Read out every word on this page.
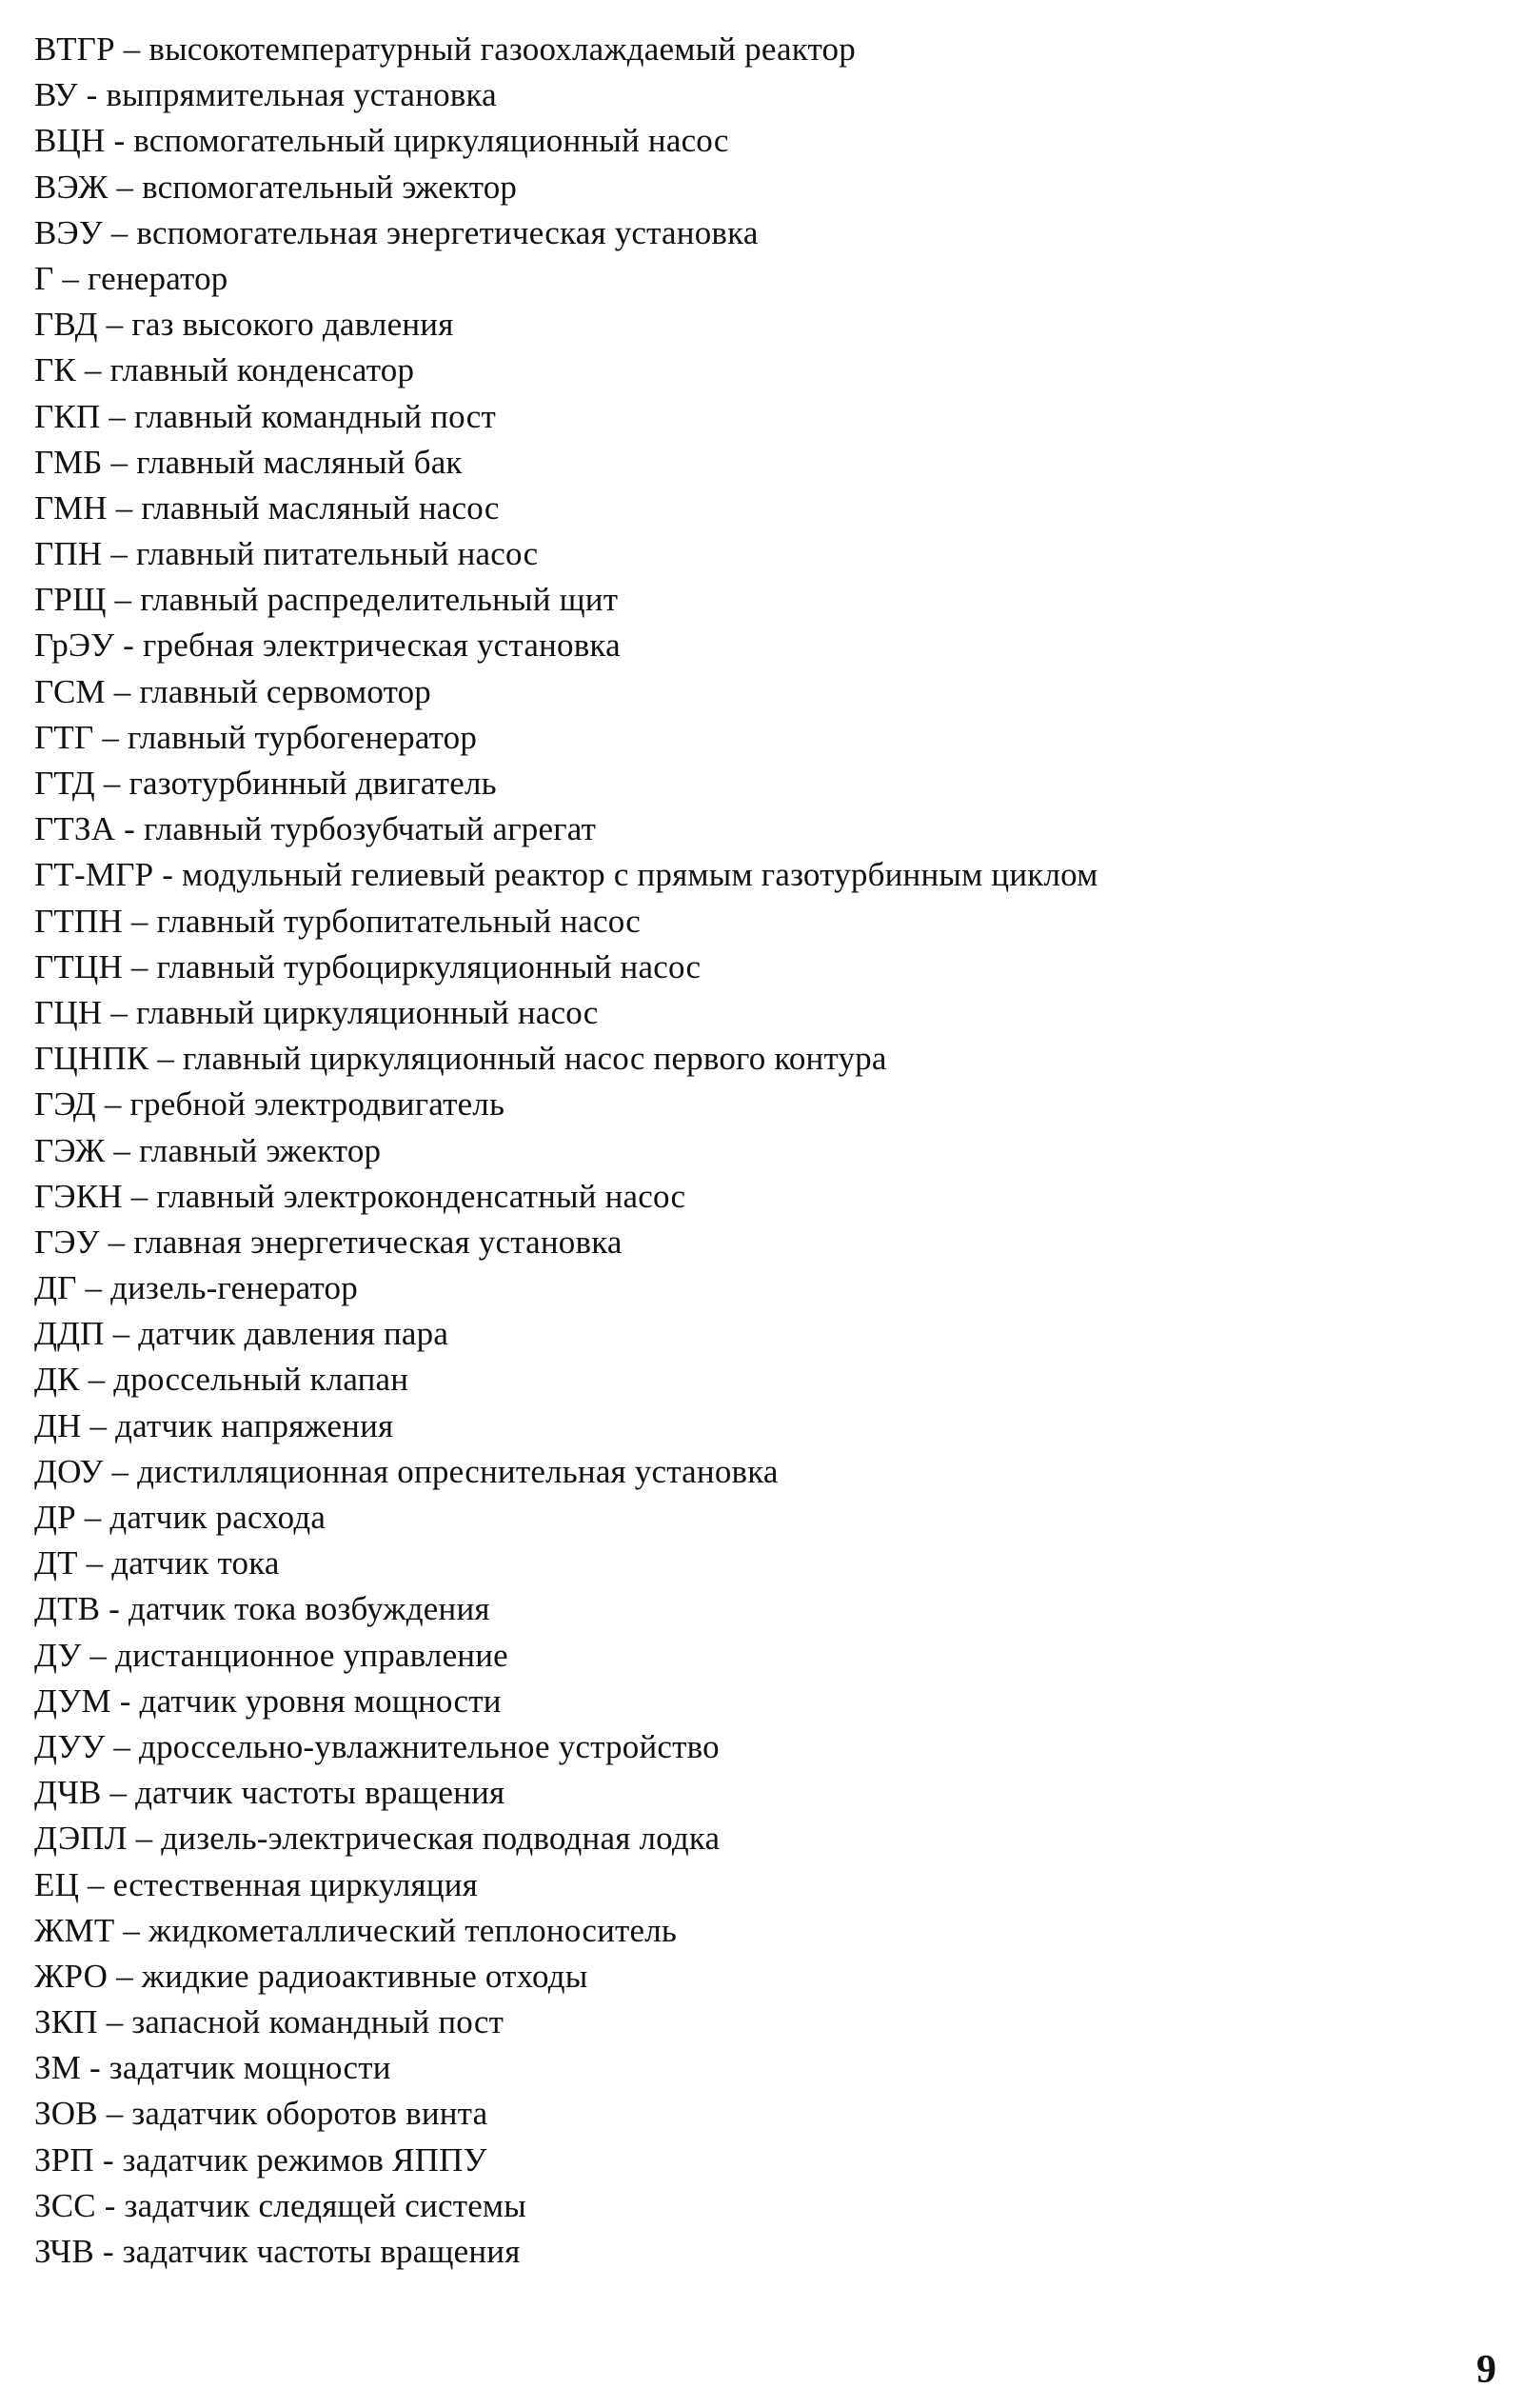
ВТГР – высокотемпературный газоохлаждаемый реактор
ВУ - выпрямительная установка
ВЦН - вспомогательный циркуляционный насос
ВЭЖ – вспомогательный эжектор
ВЭУ – вспомогательная энергетическая установка
Г – генератор
ГВД – газ высокого давления
ГК – главный конденсатор
ГКП – главный командный пост
ГМБ – главный масляный бак
ГМН – главный масляный насос
ГПН – главный питательный насос
ГРЩ – главный распределительный щит
ГрЭУ - гребная электрическая установка
ГСМ – главный сервомотор
ГТГ – главный турбогенератор
ГТД – газотурбинный двигатель
ГТЗА - главный турбозубчатый агрегат
ГТ-МГР - модульный гелиевый реактор с прямым газотурбинным циклом
ГТПН – главный турбопитательный насос
ГТЦН – главный турбоциркуляционный насос
ГЦН – главный циркуляционный насос
ГЦНПК – главный циркуляционный насос первого контура
ГЭД – гребной электродвигатель
ГЭЖ – главный эжектор
ГЭКН – главный электроконденсатный насос
ГЭУ – главная энергетическая установка
ДГ – дизель-генератор
ДДП – датчик давления пара
ДК – дроссельный клапан
ДН – датчик напряжения
ДОУ – дистилляционная опреснительная установка
ДР – датчик расхода
ДТ – датчик тока
ДТВ - датчик тока возбуждения
ДУ – дистанционное управление
ДУМ - датчик уровня мощности
ДУУ – дроссельно-увлажнительное устройство
ДЧВ – датчик частоты вращения
ДЭПЛ – дизель-электрическая подводная лодка
ЕЦ – естественная циркуляция
ЖМТ – жидкометаллический теплоноситель
ЖРО – жидкие радиоактивные отходы
ЗКП – запасной командный пост
ЗМ - задатчик мощности
ЗОВ – задатчик оборотов винта
ЗРП - задатчик режимов ЯППУ
ЗСС - задатчик следящей системы
ЗЧВ - задатчик частоты вращения
9
